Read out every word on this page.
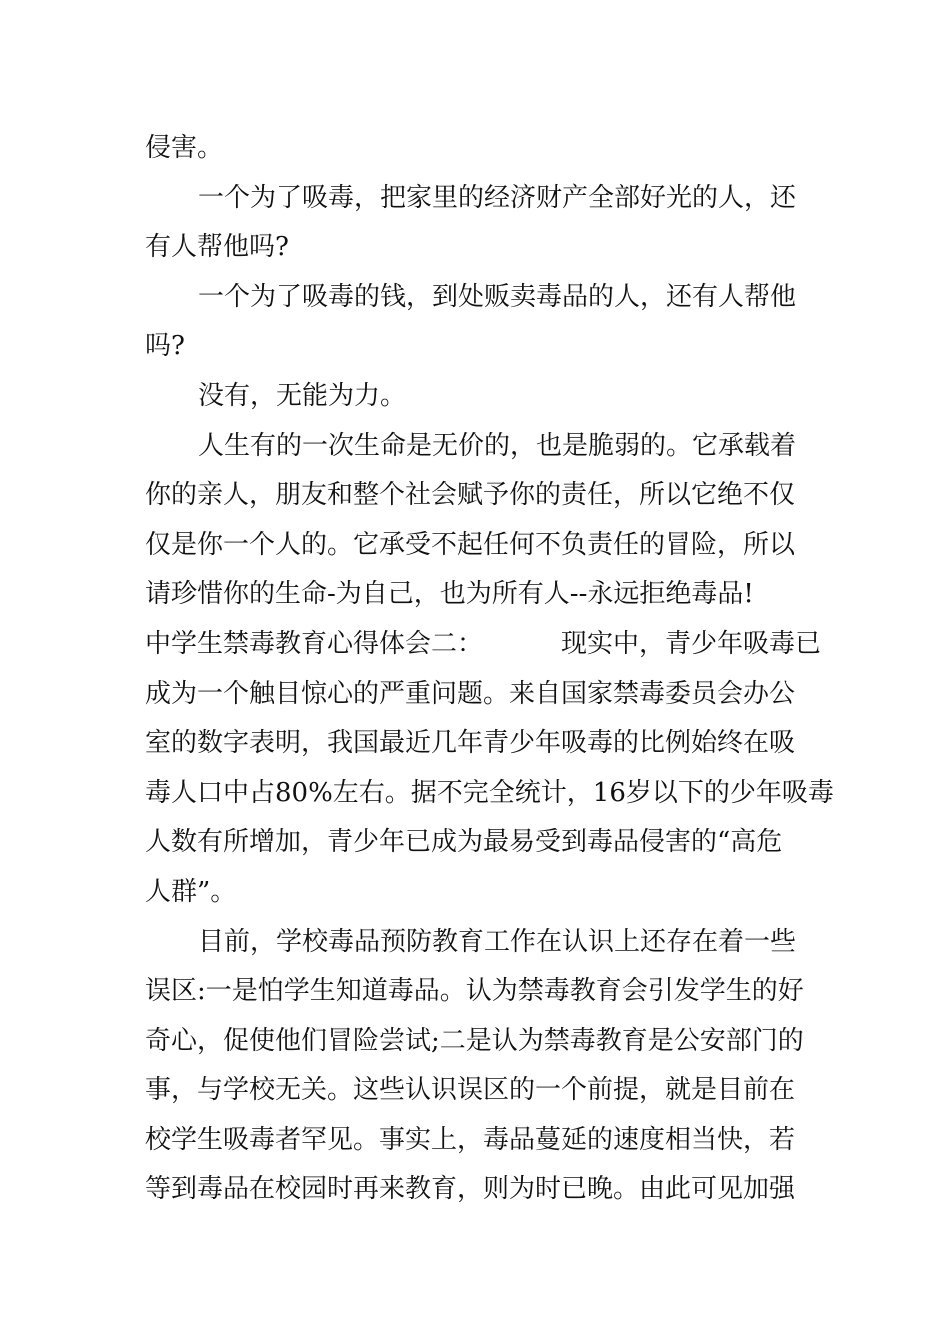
侵害。
一个为了吸毒，把家里的经济财产全部好光的人，还
有人帮他吗?
一个为了吸毒的钱，到处贩卖毒品的人，还有人帮他
吗?
没有，无能为力。
人生有的一次生命是无价的，也是脆弱的。它承载着
你的亲人，朋友和整个社会赋予你的责任，所以它绝不仅
仅是你一个人的。它承受不起任何不负责任的冒险，所以
请珍惜你的生命-为自己，也为所有人--永远拒绝毒品!
中学生禁毒教育心得体会二：	现实中，青少年吸毒已
成为一个触目惊心的严重问题。来自国家禁毒委员会办公
室的数字表明，我国最近几年青少年吸毒的比例始终在吸
毒人口中占80%左右。据不完全统计，16岁以下的少年吸毒
人数有所增加，青少年已成为最易受到毒品侵害的“高危
人群”。
目前，学校毒品预防教育工作在认识上还存在着一些
误区:一是怕学生知道毒品。认为禁毒教育会引发学生的好
奇心，促使他们冒险尝试;二是认为禁毒教育是公安部门的
事，与学校无关。这些认识误区的一个前提，就是目前在
校学生吸毒者罕见。事实上，毒品蔓延的速度相当快，若
等到毒品在校园时再来教育，则为时已晚。由此可见加强
